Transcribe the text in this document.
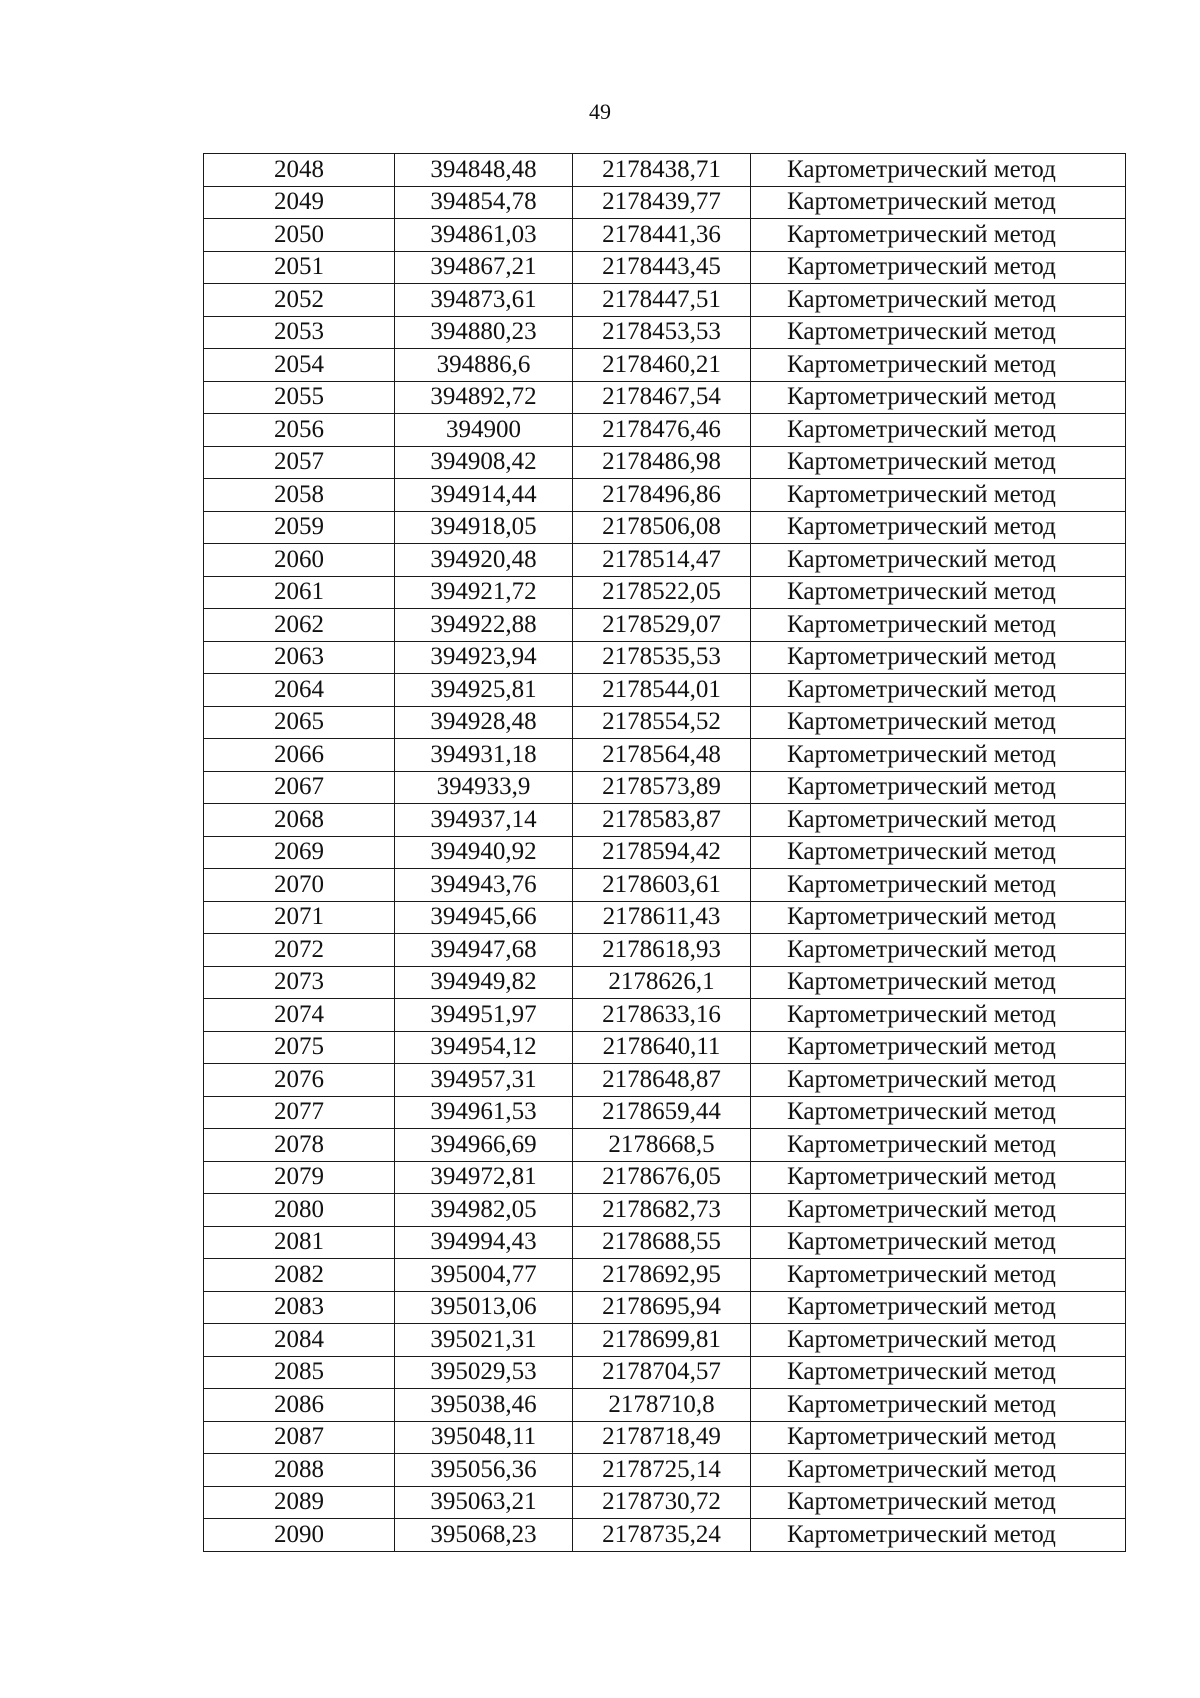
49
2048	394848,48	2178438,71	Картометрический метод
2049	394854,78	2178439,77	Картометрический метод
2050	394861,03	2178441,36	Картометрический метод
2051	394867,21	2178443,45	Картометрический метод
2052	394873,61	2178447,51	Картометрический метод
2053	394880,23	2178453,53	Картометрический метод
2054	394886,6	2178460,21	Картометрический метод
2055	394892,72	2178467,54	Картометрический метод
2056	394900	2178476,46	Картометрический метод
2057	394908,42	2178486,98	Картометрический метод
2058	394914,44	2178496,86	Картометрический метод
2059	394918,05	2178506,08	Картометрический метод
2060	394920,48	2178514,47	Картометрический метод
2061	394921,72	2178522,05	Картометрический метод
2062	394922,88	2178529,07	Картометрический метод
2063	394923,94	2178535,53	Картометрический метод
2064	394925,81	2178544,01	Картометрический метод
2065	394928,48	2178554,52	Картометрический метод
2066	394931,18	2178564,48	Картометрический метод
2067	394933,9	2178573,89	Картометрический метод
2068	394937,14	2178583,87	Картометрический метод
2069	394940,92	2178594,42	Картометрический метод
2070	394943,76	2178603,61	Картометрический метод
2071	394945,66	2178611,43	Картометрический метод
2072	394947,68	2178618,93	Картометрический метод
2073	394949,82	2178626,1	Картометрический метод
2074	394951,97	2178633,16	Картометрический метод
2075	394954,12	2178640,11	Картометрический метод
2076	394957,31	2178648,87	Картометрический метод
2077	394961,53	2178659,44	Картометрический метод
2078	394966,69	2178668,5	Картометрический метод
2079	394972,81	2178676,05	Картометрический метод
2080	394982,05	2178682,73	Картометрический метод
2081	394994,43	2178688,55	Картометрический метод
2082	395004,77	2178692,95	Картометрический метод
2083	395013,06	2178695,94	Картометрический метод
2084	395021,31	2178699,81	Картометрический метод
2085	395029,53	2178704,57	Картометрический метод
2086	395038,46	2178710,8	Картометрический метод
2087	395048,11	2178718,49	Картометрический метод
2088	395056,36	2178725,14	Картометрический метод
2089	395063,21	2178730,72	Картометрический метод
2090	395068,23	2178735,24	Картометрический метод
